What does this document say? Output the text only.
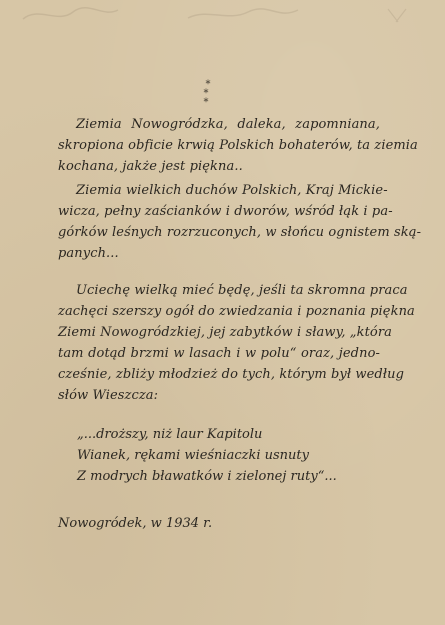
*
* *
Ziemia Nowogródzka, daleka, zapomniana,
skropiona obficie krwią Polskich bohaterów, ta ziemia
kochana, jakże jest piękna..
Ziemia wielkich duchów Polskich, Kraj Mickie-
wicza, pełny zaścianków i dworów, wśród łąk i pa-
górków leśnych rozrzuconych, w słońcu ognistem ską-
panych...
Uciechę wielką mieć będę, jeśli ta skromna praca
zachęci szerszy ogół do zwiedzania i poznania piękna
Ziemi Nowogródzkiej, jej zabytków i sławy, „która
tam dotąd brzmi w lasach i w polu“ oraz, jedno-
cześnie, zbliży młodzież do tych, którym był według
słów Wieszcza:
„...droższy, niż laur Kapitolu
Wianek, rękami wieśniaczki usnuty
Z modrych bławatków i zielonej ruty“...
Nowogródek, w 1934 r.
